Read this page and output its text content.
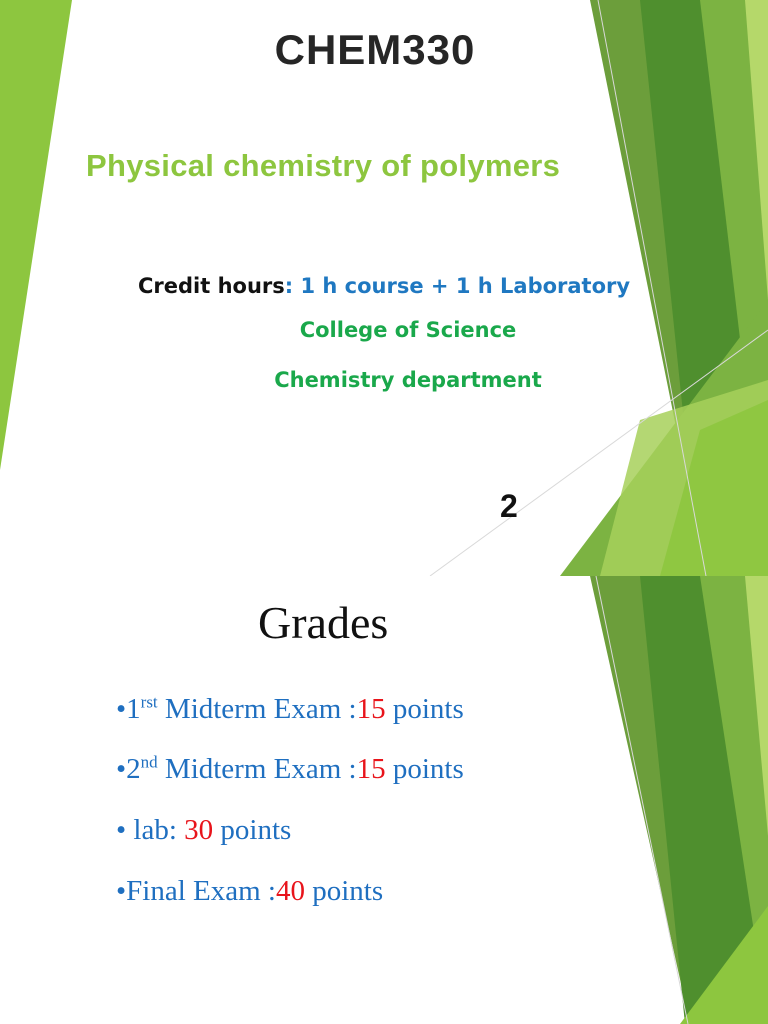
CHEM330
Physical chemistry of polymers
Credit hours: 1 h course + 1 h Laboratory
College of Science
Chemistry department
2
Grades
$•1^{rst}$ Midterm Exam :15 points
•2nd Midterm Exam :15 points
• lab: 30 points
•Final Exam :40 points
